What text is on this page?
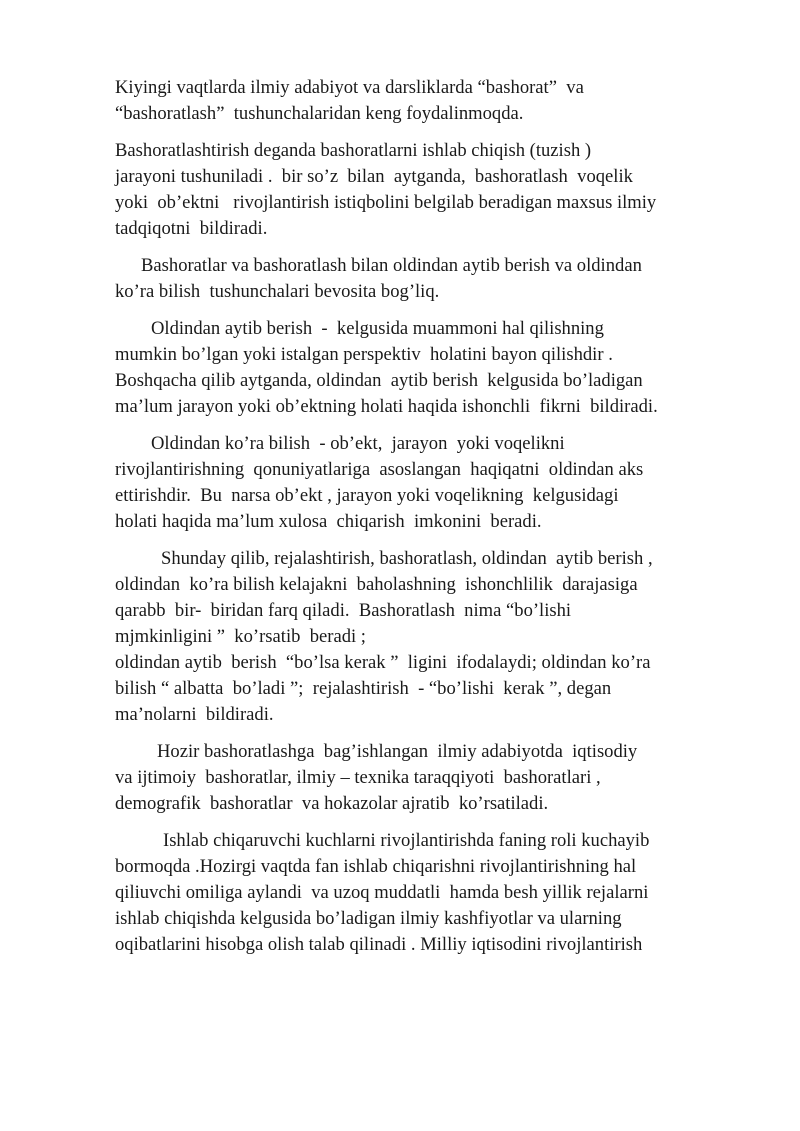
Kiyingi vaqtlarda ilmiy adabiyot va darsliklarda “bashorat”  va
“bashoratlash”  tushunchalaridan keng foydalinmoqda.
Bashoratlashtirish deganda bashoratlarni ishlab chiqish (tuzish )
jarayoni tushuniladi .  bir so’z  bilan  aytganda,  bashoratlash  voqelik
yoki  ob’ektni   rivojlantirish istiqbolini belgilab beradigan maxsus ilmiy
tadqiqotni  bildiradi.
Bashoratlar va bashoratlash bilan oldindan aytib berish va oldindan
ko’ra bilish  tushunchalari bevosita bog’liq.
Oldindan aytib berish  -  kelgusida muammoni hal qilishning
mumkin bo’lgan yoki istalgan perspektiv  holatini bayon qilishdir .
Boshqacha qilib aytganda, oldindan  aytib berish  kelgusida bo’ladigan
ma’lum jarayon yoki ob’ektning holati haqida ishonchli  fikrni  bildiradi.
Oldindan ko’ra bilish  - ob’ekt,  jarayon  yoki voqelikni
rivojlantirishning  qonuniyatlariga  asoslangan  haqiqatni  oldindan aks
ettirishdir.  Bu  narsa ob’ekt , jarayon yoki voqelikning  kelgusidagi
holati haqida ma’lum xulosa  chiqarish  imkonini  beradi.
Shunday qilib, rejalashtirish, bashoratlash, oldindan  aytib berish ,
oldindan  ko’ra bilish kelajakni  baholashning  ishonchlilik  darajasiga
qarabb  bir-  biridan farq qiladi.  Bashoratlash  nima “bo’lishi
mjmkinligini ”  ko’rsatib  beradi ;
oldindan aytib  berish  “bo’lsa kerak ”  ligini  ifodalaydi; oldindan ko’ra
bilish “ albatta  bo’ladi ”;  rejalashtirish  - “bo’lishi  kerak ”, degan
ma’nolarni  bildiradi.
Hozir bashoratlashga  bag’ishlangan  ilmiy adabiyotda  iqtisodiy
va ijtimoiy  bashoratlar, ilmiy – texnika taraqqiyoti  bashoratlari ,
demografik  bashoratlar  va hokazolar ajratib  ko’rsatiladi.
Ishlab chiqaruvchi kuchlarni rivojlantirishda faning roli kuchayib
bormoqda .Hozirgi vaqtda fan ishlab chiqarishni rivojlantirishning hal
qiliuvchi omiliga aylandi  va uzoq muddatli  hamda besh yillik rejalarni
ishlab chiqishda kelgusida bo’ladigan ilmiy kashfiyotlar va ularning
oqibatlarini hisobga olish talab qilinadi . Milliy iqtisodini rivojlantirish
